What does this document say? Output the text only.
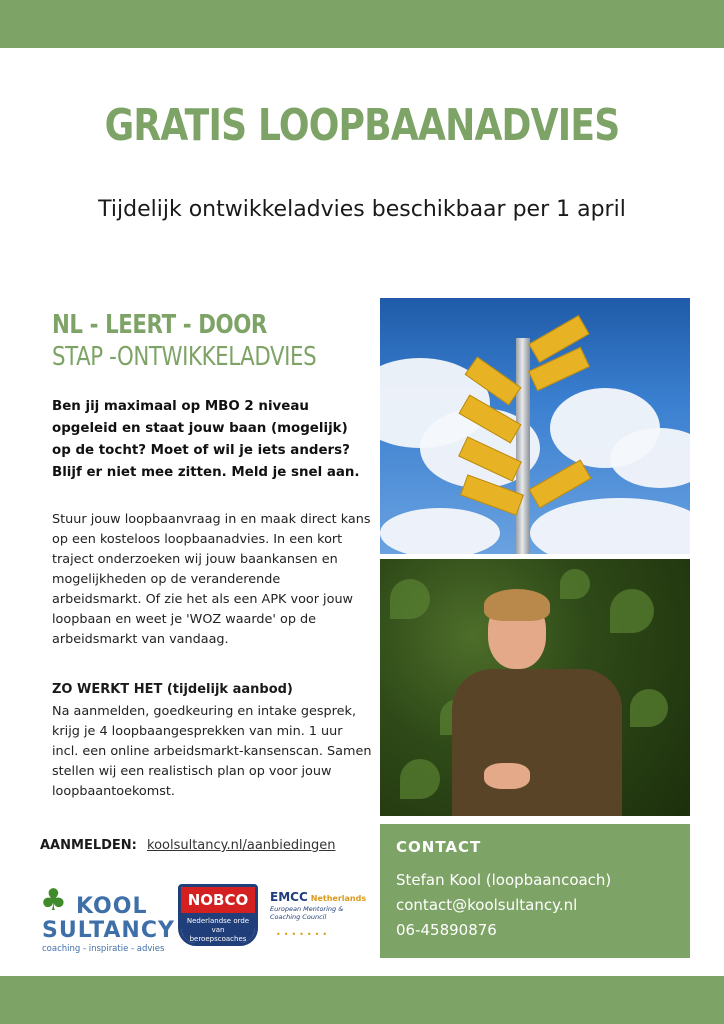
GRATIS LOOPBAANADVIES
Tijdelijk ontwikkeladvies beschikbaar per 1 april
NL - LEERT - DOOR
STAP -ONTWIKKELADVIES

Ben jij maximaal op MBO 2 niveau opgeleid en staat jouw baan (mogelijk) op de tocht? Moet of wil je iets anders? Blijf er niet mee zitten. Meld je snel aan.

Stuur jouw loopbaanvraag in en maak direct kans op een kosteloos loopbaanadvies. In een kort traject onderzoeken wij jouw baankansen en mogelijkheden op de veranderende arbeidsmarkt. Of zie het als een APK voor jouw loopbaan en weet je 'WOZ waarde' op de arbeidsmarkt van vandaag.

ZO WERKT HET (tijdelijk aanbod)

Na aanmelden, goedkeuring en intake gesprek, krijg je 4 loopbaangesprekken van min. 1 uur incl. een online arbeidsmarkt-kansenscan. Samen stellen wij een realistisch plan op voor jouw loopbaantoekomst.

AANMELDEN: koolsultancy.nl/aanbiedingen	CONTACT
Stefan Kool (loopbaancoach)
contact@koolsultancy.nl
06-45890876
♣ KOOL
SULTANCY
coaching - inspiratie - advies
NOBCO
Nederlandse orde van beroepscoaches
EMCC Netherlands
European Mentoring & Coaching Council
•••••••
